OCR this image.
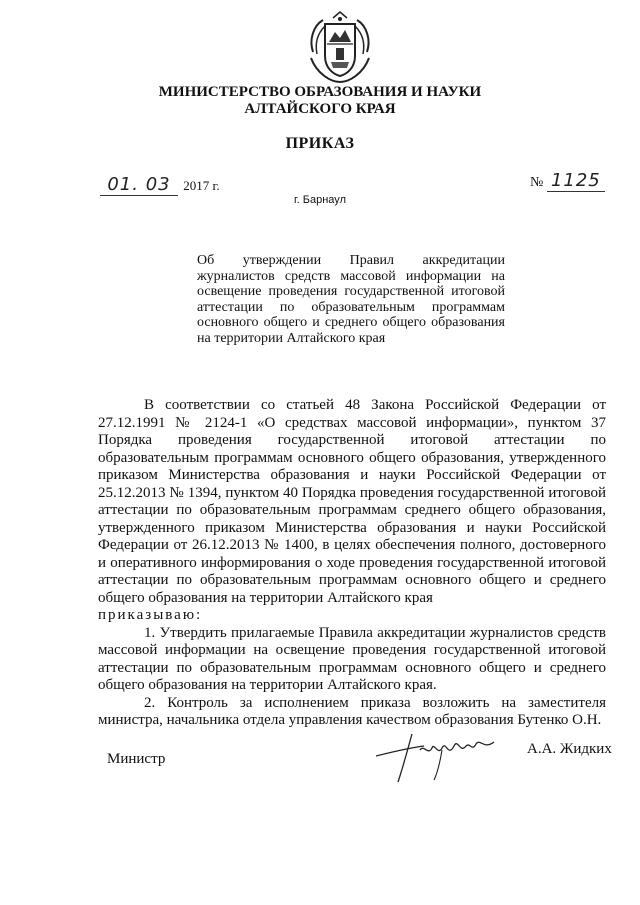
МИНИСТЕРСТВО ОБРАЗОВАНИЯ И НАУКИ
АЛТАЙСКОГО КРАЯ
ПРИКАЗ
01. 03 2017 г.	№ 1125
г. Барнаул
Об утверждении Правил аккредитации журналистов средств массовой информации на освещение проведения государственной итоговой аттестации по образовательным программам основного общего и среднего общего образования на территории Алтайского края

В соответствии со статьей 48 Закона Российской Федерации от 27.12.1991 № 2124-1 «О средствах массовой информации», пунктом 37 Порядка проведения государственной итоговой аттестации по образовательным программам основного общего образования, утвержденного приказом Министерства образования и науки Российской Федерации от 25.12.2013 № 1394, пунктом 40 Порядка проведения государственной итоговой аттестации по образовательным программам среднего общего образования, утвержденного приказом Министерства образования и науки Российской Федерации от 26.12.2013 № 1400, в целях обеспечения полного, достоверного и оперативного информирования о ходе проведения государственной итоговой аттестации по образовательным программам основного общего и среднего общего образования на территории Алтайского края

приказываю:

1. Утвердить прилагаемые Правила аккредитации журналистов средств массовой информации на освещение проведения государственной итоговой аттестации по образовательным программам основного общего и среднего общего образования на территории Алтайского края.

2. Контроль за исполнением приказа возложить на заместителя министра, начальника отдела управления качеством образования Бутенко О.Н.

Министр
А.А. Жидких
